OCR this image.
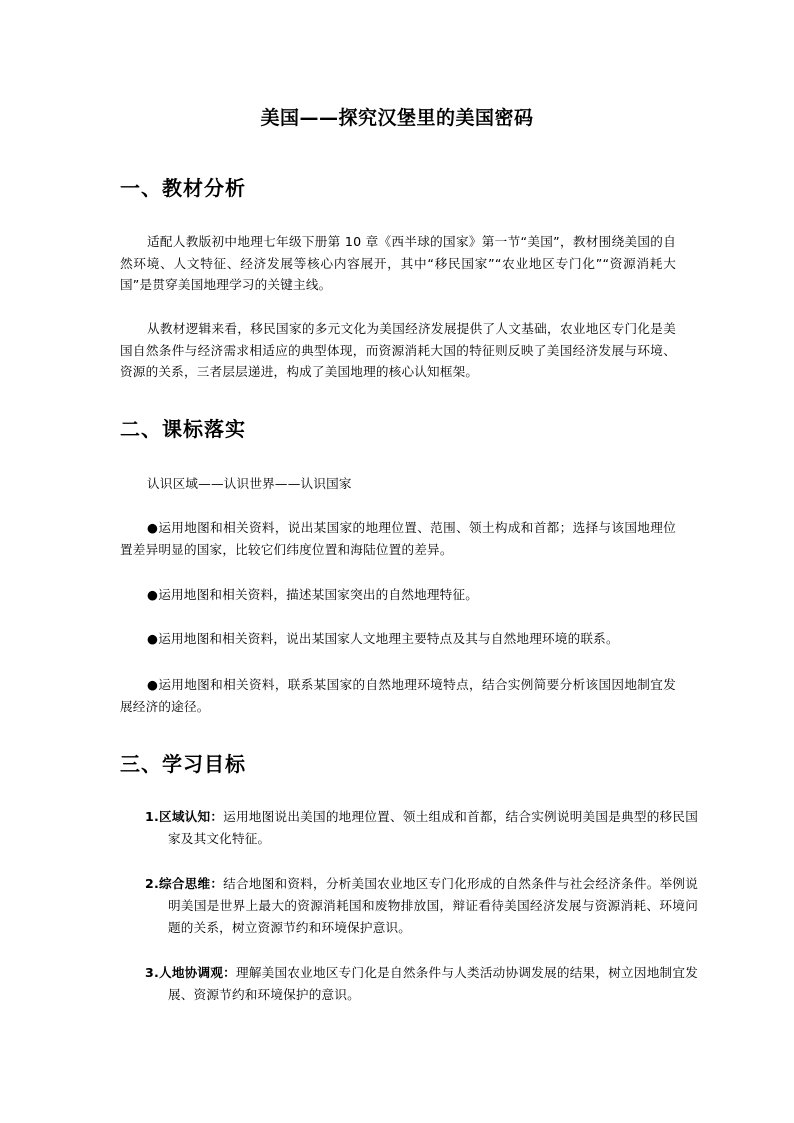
美国——探究汉堡里的美国密码
一、教材分析
适配人教版初中地理七年级下册第 10 章《西半球的国家》第一节“美国”，教材围绕美国的自然环境、人文特征、经济发展等核心内容展开，其中“移民国家”“农业地区专门化”“资源消耗大国”是贯穿美国地理学习的关键主线。
从教材逻辑来看，移民国家的多元文化为美国经济发展提供了人文基础，农业地区专门化是美国自然条件与经济需求相适应的典型体现，而资源消耗大国的特征则反映了美国经济发展与环境、资源的关系，三者层层递进，构成了美国地理的核心认知框架。
二、课标落实
认识区域——认识世界——认识国家
●运用地图和相关资料，说出某国家的地理位置、范围、领土构成和首都；选择与该国地理位置差异明显的国家，比较它们纬度位置和海陆位置的差异。
●运用地图和相关资料，描述某国家突出的自然地理特征。
●运用地图和相关资料，说出某国家人文地理主要特点及其与自然地理环境的联系。
●运用地图和相关资料，联系某国家的自然地理环境特点，结合实例简要分析该国因地制宜发展经济的途径。
三、学习目标
1.区域认知：运用地图说出美国的地理位置、领土组成和首都，结合实例说明美国是典型的移民国家及其文化特征。
2.综合思维：结合地图和资料，分析美国农业地区专门化形成的自然条件与社会经济条件。举例说明美国是世界上最大的资源消耗国和废物排放国，辩证看待美国经济发展与资源消耗、环境问题的关系，树立资源节约和环境保护意识。
3.人地协调观：理解美国农业地区专门化是自然条件与人类活动协调发展的结果，树立因地制宜发展、资源节约和环境保护的意识。
